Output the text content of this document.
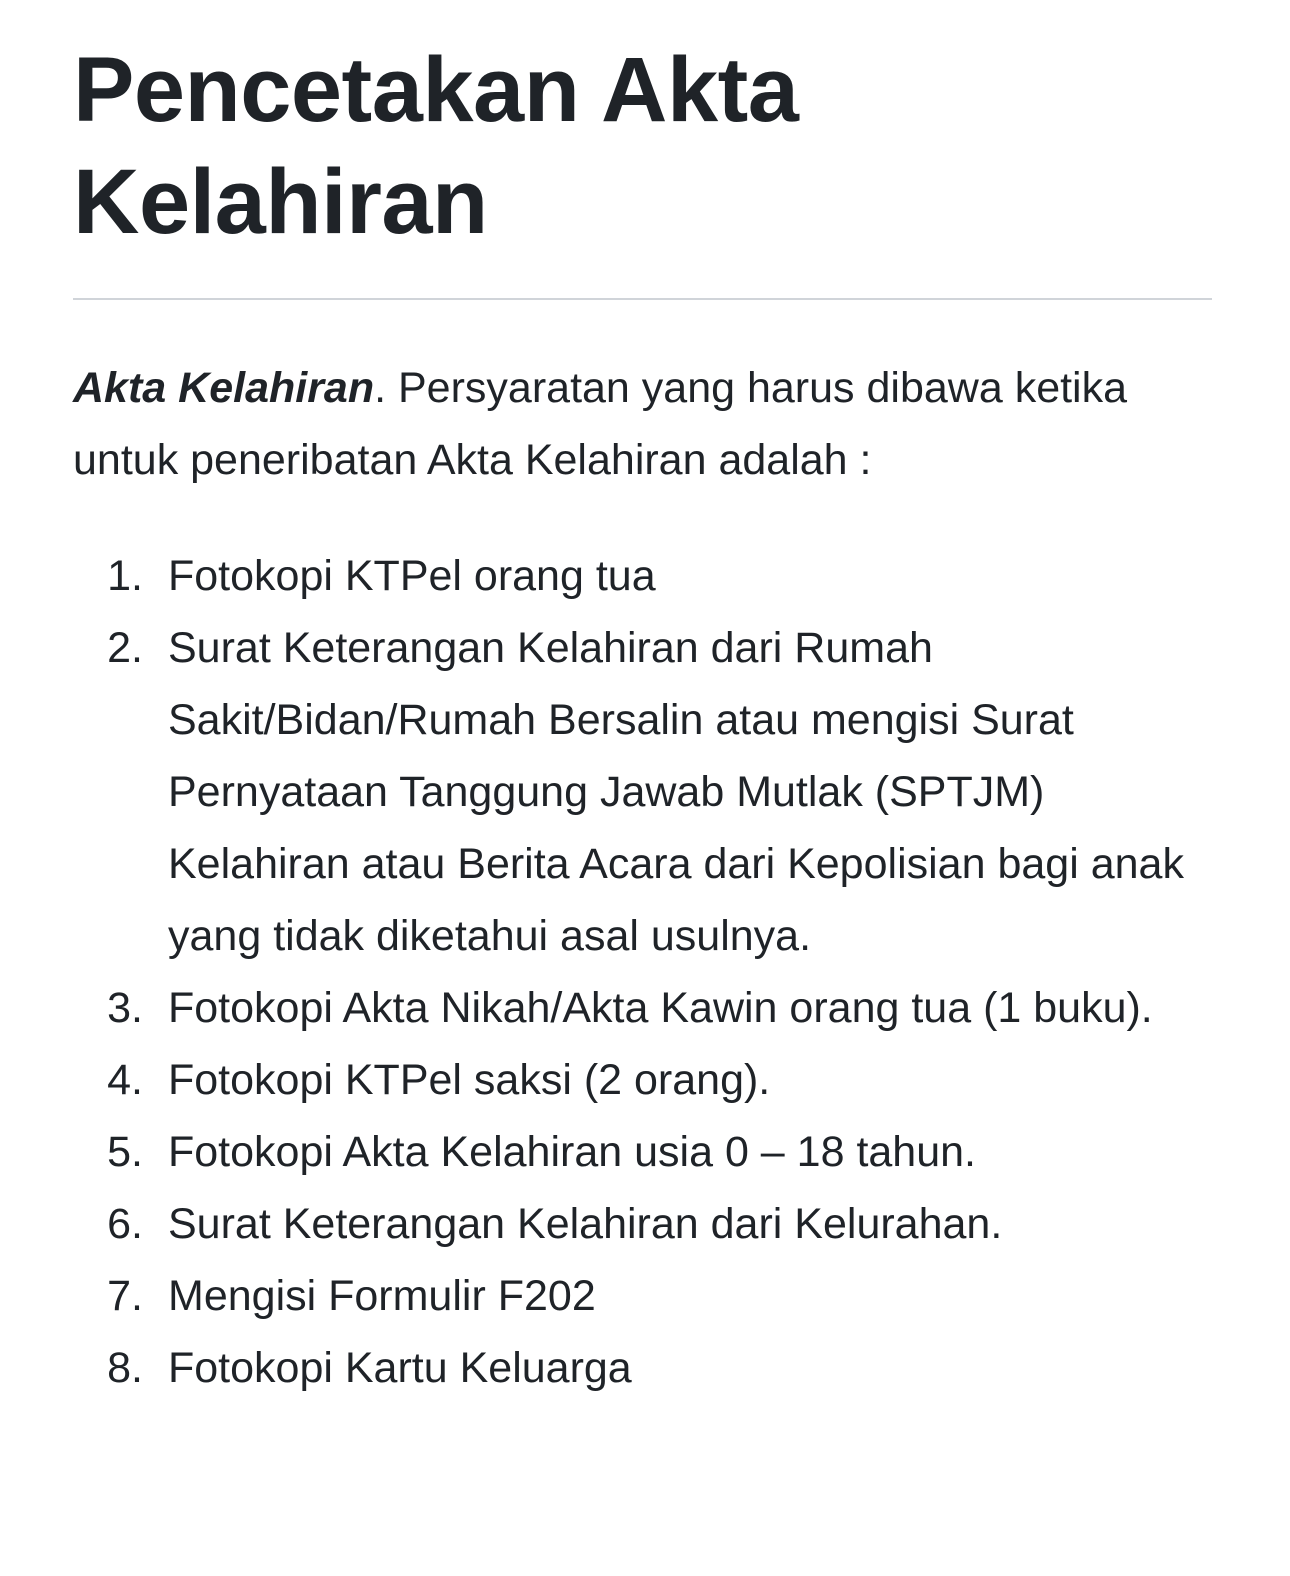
Pencetakan Akta Kelahiran

Akta Kelahiran. Persyaratan yang harus dibawa ketika untuk peneribatan Akta Kelahiran adalah :

1. Fotokopi KTPel orang tua
2. Surat Keterangan Kelahiran dari Rumah Sakit/Bidan/Rumah Bersalin atau mengisi Surat Pernyataan Tanggung Jawab Mutlak (SPTJM) Kelahiran atau Berita Acara dari Kepolisian bagi anak yang tidak diketahui asal usulnya.
3. Fotokopi Akta Nikah/Akta Kawin orang tua (1 buku).
4. Fotokopi KTPel saksi (2 orang).
5. Fotokopi Akta Kelahiran usia 0 – 18 tahun.
6. Surat Keterangan Kelahiran dari Kelurahan.
7. Mengisi Formulir F202
8. Fotokopi Kartu Keluarga
